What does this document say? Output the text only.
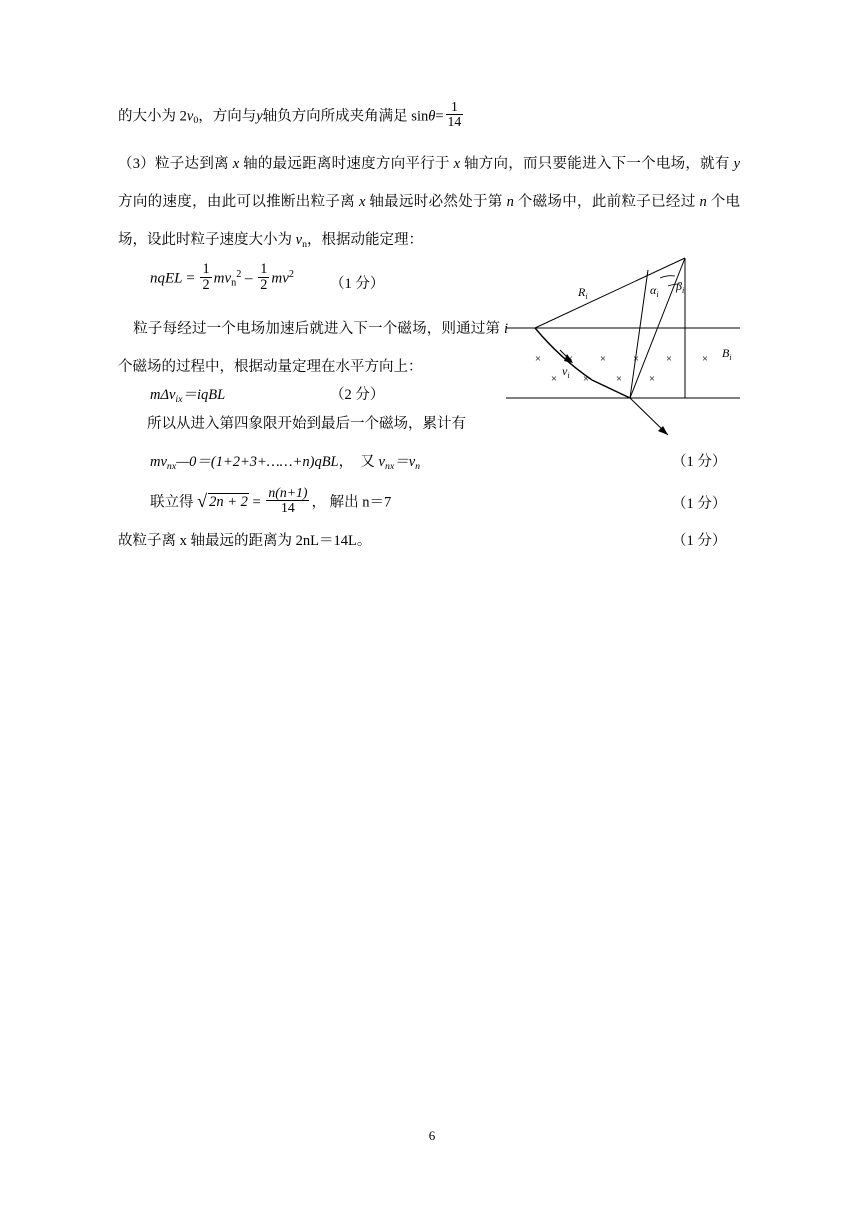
的大小为 $2v_0$，方向与y轴负方向所成夹角满足 $\sin\theta= \frac{1}{14}$
（3）粒子达到离 x 轴的最远距离时速度方向平行于 x 轴方向，而只要能进入下一个电场，就有 y 方向的速度，由此可以推断出粒子离 x 轴最远时必然处于第 n 个磁场中，此前粒子已经过 n 个电场，设此时粒子速度大小为 $v_n$，根据动能定理：
nqEL = $\frac{1}{2} mv_n^2 - \frac{1}{2} mv^2$
（1 分）
粒子每经过一个电场加速后就进入下一个磁场，则通过第 i 个磁场的过程中，根据动量定理在水平方向上：
mΔv$_{ix}$＝iqBL	（2 分）
所以从进入第四象限开始到最后一个磁场，累计有
$mv_{nx}—0=(1+2+3+\dots\dots+n)qBL$， 又 $v_{nx}=v_n$	（1 分）
联立得 √ $2n + 2 = \frac{n(n+1)}{14}$ ， 解出 n＝7	（1 分）
故粒子离 x 轴最远的距离为 2nL＝14L。	（1 分）
× × × × ×	×
× × × ×
$R_i$	$\alpha_i$
$\beta_i$
$v_i$
$B_i$
6
